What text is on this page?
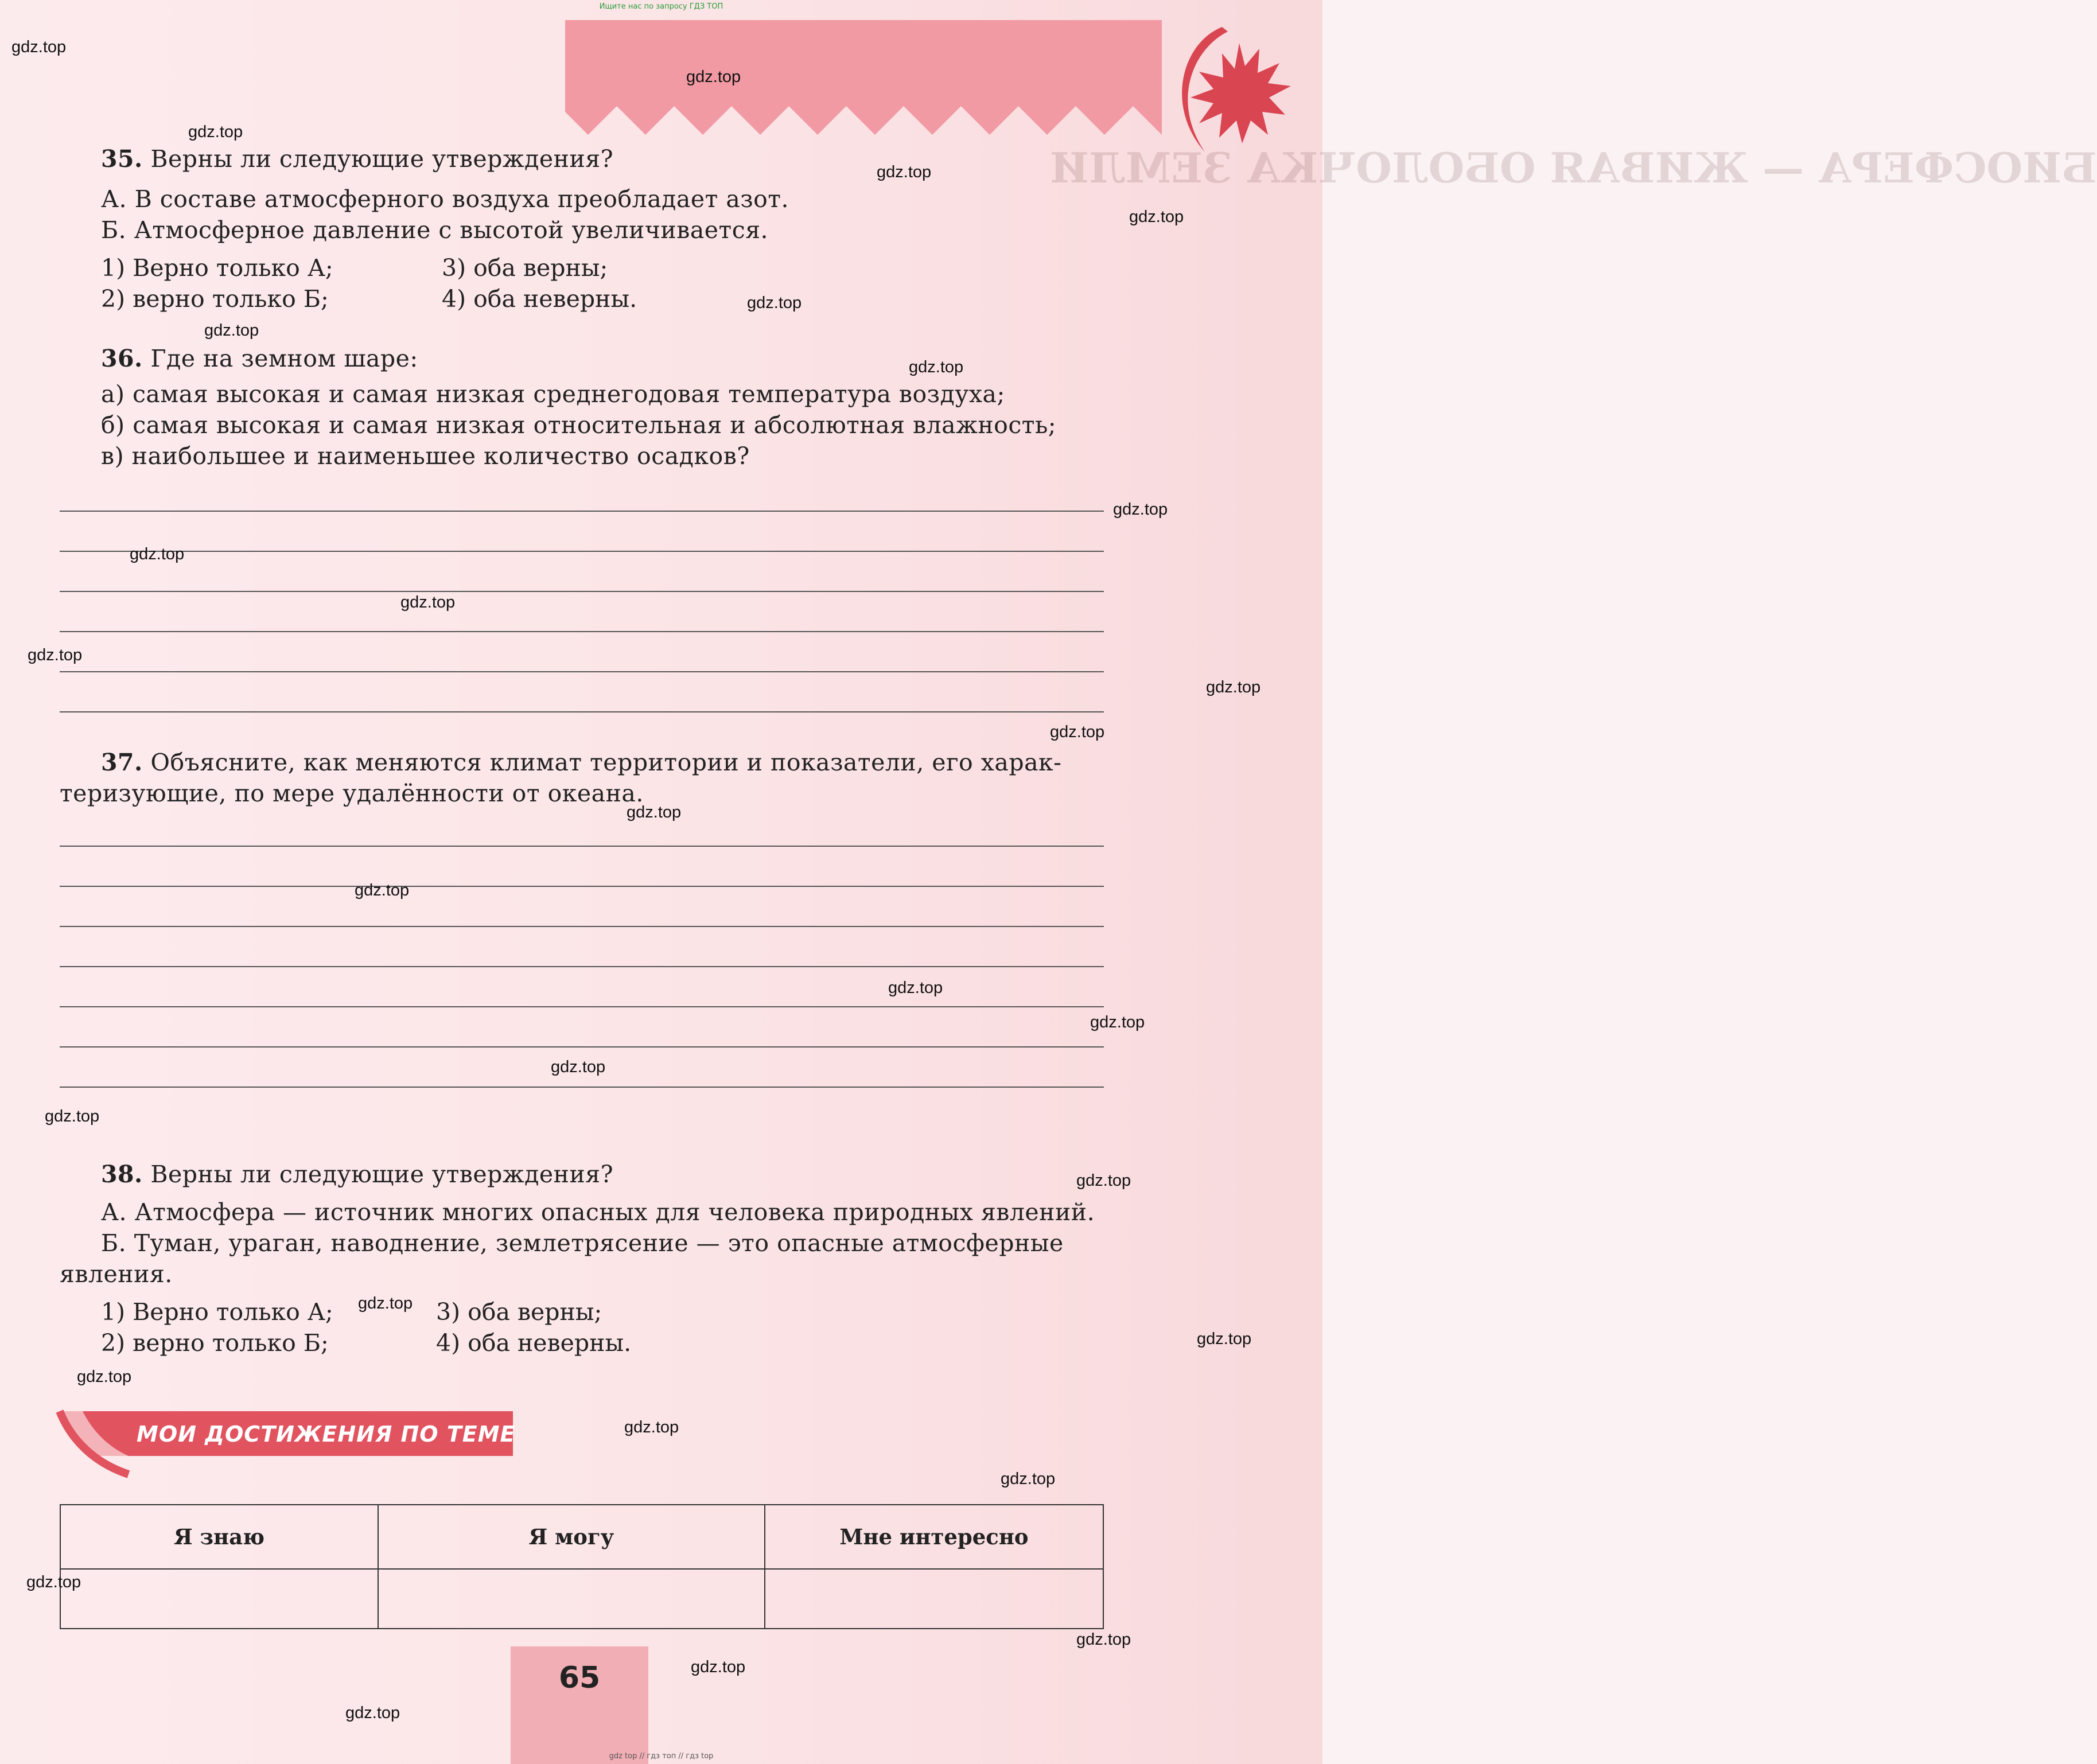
Ищите нас по запросу ГДЗ ТОП
БИОСФЕРА — ЖИВАЯ ОБОЛОЧКА ЗЕМЛИ
35. Верны ли следующие утверждения?
А. В составе атмосферного воздуха преобладает азот.
Б. Атмосферное давление с высотой увеличивается.
1) Верно только А;	3) оба верны;
2) верно только Б;	4) оба неверны.
36. Где на земном шаре:
а) самая высокая и самая низкая среднегодовая температура воздуха;
б) самая высокая и самая низкая относительная и абсолютная влажность;
в) наибольшее и наименьшее количество осадков?
37. Объясните, как меняются климат территории и показатели, его харак-
теризующие, по мере удалённости от океана.
38. Верны ли следующие утверждения?
А. Атмосфера — источник многих опасных для человека природных явлений.
Б. Туман, ураган, наводнение, землетрясение — это опасные атмосферные
явления.
1) Верно только А;	3) оба верны;
2) верно только Б;	4) оба неверны.
МОИ ДОСТИЖЕНИЯ ПО ТЕМЕ
Я знаю	Я могу	Мне интересно

65
gdz.top
gdz.top
gdz.top
gdz.top
gdz.top
gdz.top
gdz.top
gdz.top
gdz.top
gdz.top
gdz.top
gdz.top
gdz.top
gdz.top
gdz.top
gdz.top
gdz.top
gdz.top
gdz.top
gdz.top
gdz.top
gdz.top
gdz.top
gdz.top
gdz.top
gdz.top
gdz.top
gdz.top
gdz.top
gdz.top
gdz top // гдз топ // гдз top
